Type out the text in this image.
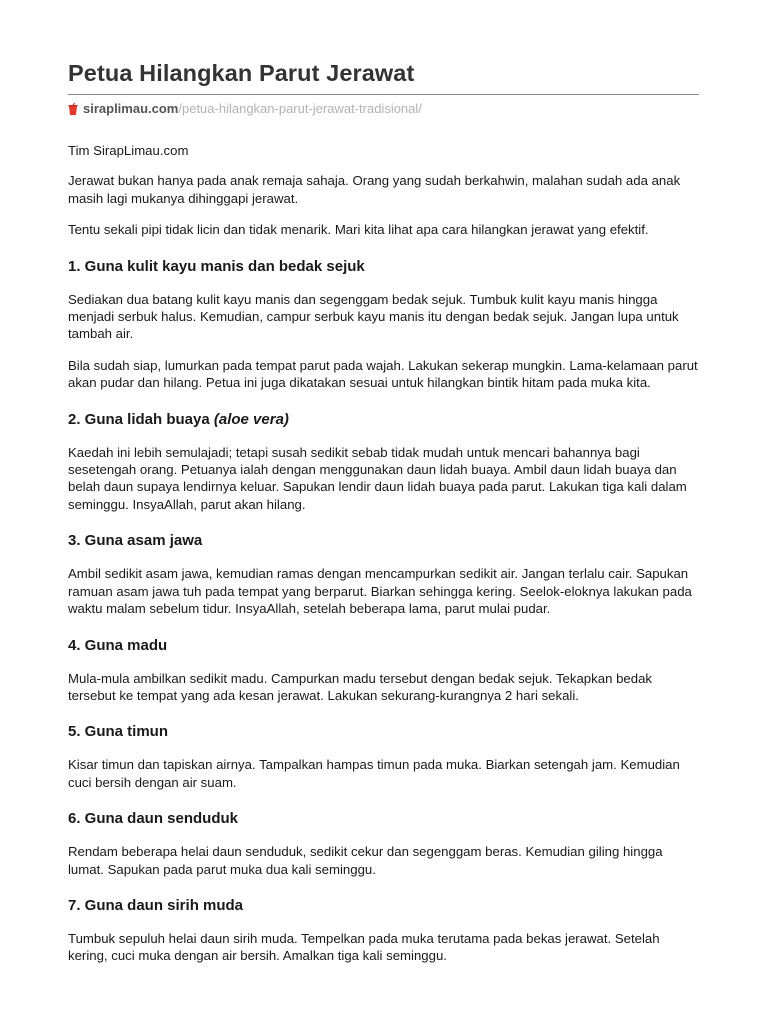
Petua Hilangkan Parut Jerawat
siraplimau.com /petua-hilangkan-parut-jerawat-tradisional/

Tim SirapLimau.com

Jerawat bukan hanya pada anak remaja sahaja. Orang yang sudah berkahwin, malahan sudah ada anak masih lagi mukanya dihinggapi jerawat.

Tentu sekali pipi tidak licin dan tidak menarik. Mari kita lihat apa cara hilangkan jerawat yang efektif.

1. Guna kulit kayu manis dan bedak sejuk

Sediakan dua batang kulit kayu manis dan segenggam bedak sejuk. Tumbuk kulit kayu manis hingga menjadi serbuk halus. Kemudian, campur serbuk kayu manis itu dengan bedak sejuk. Jangan lupa untuk tambah air.

Bila sudah siap, lumurkan pada tempat parut pada wajah. Lakukan sekerap mungkin. Lama-kelamaan parut akan pudar dan hilang. Petua ini juga dikatakan sesuai untuk hilangkan bintik hitam pada muka kita.

2. Guna lidah buaya (aloe vera)

Kaedah ini lebih semulajadi; tetapi susah sedikit sebab tidak mudah untuk mencari bahannya bagi sesetengah orang. Petuanya ialah dengan menggunakan daun lidah buaya. Ambil daun lidah buaya dan belah daun supaya lendirnya keluar. Sapukan lendir daun lidah buaya pada parut. Lakukan tiga kali dalam seminggu. InsyaAllah, parut akan hilang.

3. Guna asam jawa

Ambil sedikit asam jawa, kemudian ramas dengan mencampurkan sedikit air. Jangan terlalu cair. Sapukan ramuan asam jawa tuh pada tempat yang berparut. Biarkan sehingga kering. Seelok-eloknya lakukan pada waktu malam sebelum tidur. InsyaAllah, setelah beberapa lama, parut mulai pudar.

4. Guna madu

Mula-mula ambilkan sedikit madu. Campurkan madu tersebut dengan bedak sejuk. Tekapkan bedak tersebut ke tempat yang ada kesan jerawat. Lakukan sekurang-kurangnya 2 hari sekali.

5. Guna timun

Kisar timun dan tapiskan airnya. Tampalkan hampas timun pada muka. Biarkan setengah jam. Kemudian cuci bersih dengan air suam.

6. Guna daun senduduk

Rendam beberapa helai daun senduduk, sedikit cekur dan segenggam beras. Kemudian giling hingga lumat. Sapukan pada parut muka dua kali seminggu.

7. Guna daun sirih muda

Tumbuk sepuluh helai daun sirih muda. Tempelkan pada muka terutama pada bekas jerawat. Setelah kering, cuci muka dengan air bersih. Amalkan tiga kali seminggu.
